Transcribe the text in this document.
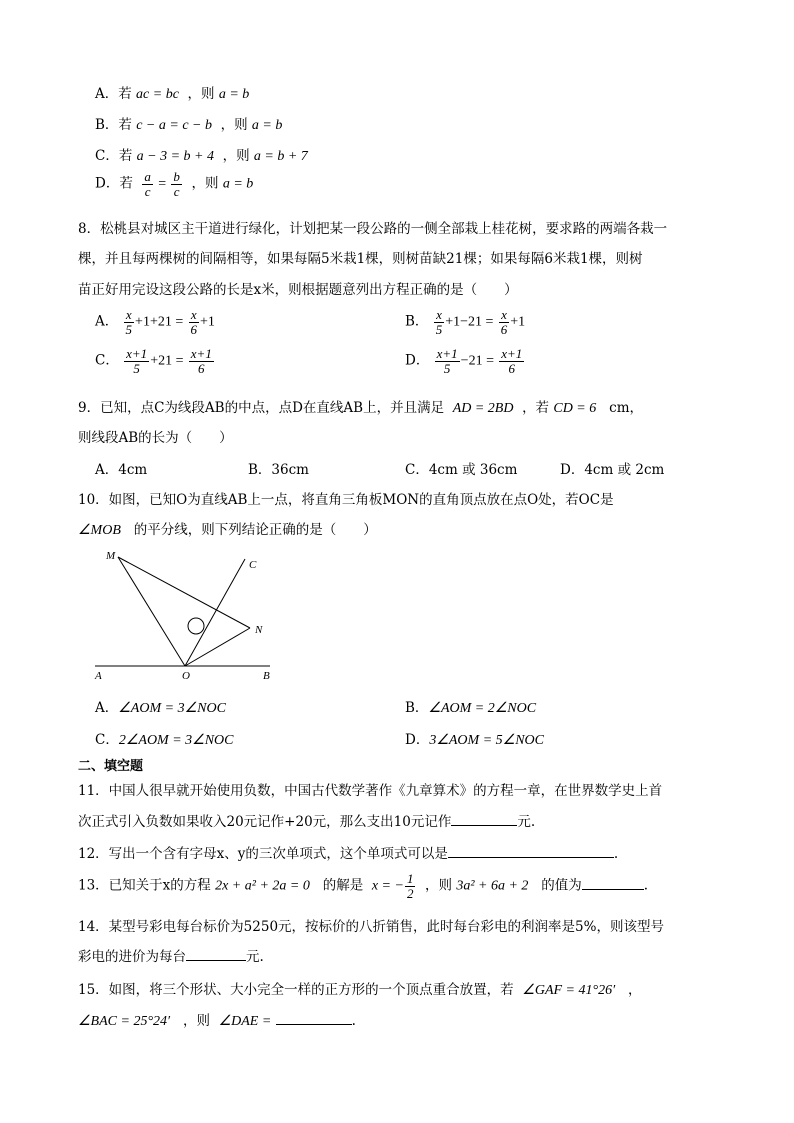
A．若 ac = bc ，则 a = b
B．若 c − a = c − b ，则 a = b
C．若 a − 3 = b + 4 ，则 a = b + 7
D．若 $\frac{a}{c} = \frac{b}{c}$ ，则 a = b
8．松桃县对城区主干道进行绿化，计划把某一段公路的一侧全部栽上桂花树，要求路的两端各栽一
棵，并且每两棵树的间隔相等，如果每隔5米栽1棵，则树苗缺21棵；如果每隔6米栽1棵，则树
苗正好用完设这段公路的长是x米，则根据题意列出方程正确的是（　　）
A． $\frac{x}{5} +1+21 = \frac{x}{6} +1$	B． $\frac{x}{5} +1-21 = \frac{x}{6} +1$
C． $\frac{x+1}{5} +21 = \frac{x+1}{6}$	D． $\frac{x+1}{5} -21 = \frac{x+1}{6}$
9．已知，点C为线段AB的中点，点D在直线AB上，并且满足 AD = 2BD ，若 CD = 6 cm，
则线段AB的长为（　　）
A．4cm	B．36cm	C．4cm 或 36cm	D．4cm 或 2cm
10．如图，已知O为直线AB上一点，将直角三角板MON的直角顶点放在点O处，若OC是
∠MOB 的平分线，则下列结论正确的是（　　）
M
C
N
A	O	B
A．∠AOM = 3∠NOC	B．∠AOM = 2∠NOC
C．2∠AOM = 3∠NOC	D．3∠AOM = 5∠NOC
二、填空题
11．中国人很早就开始使用负数，中国古代数学著作《九章算术》的方程一章，在世界数学史上首
次正式引入负数如果收入20元记作+20元，那么支出10元记作	元.
12．写出一个含有字母x、y的三次单项式，这个单项式可以是	.
13．已知关于x的方程 2x + a² + 2a = 0 的解是 x = − $\frac{1}{2}$ ，则 3a² + 6a + 2 的值为	.
14．某型号彩电每台标价为5250元，按标价的八折销售，此时每台彩电的利润率是5%，则该型号
彩电的进价为每台	元.
15．如图，将三个形状、大小完全一样的正方形的一个顶点重合放置，若 ∠GAF = 41°26′ ，
∠BAC = 25°24′ ，则 ∠DAE =	.
